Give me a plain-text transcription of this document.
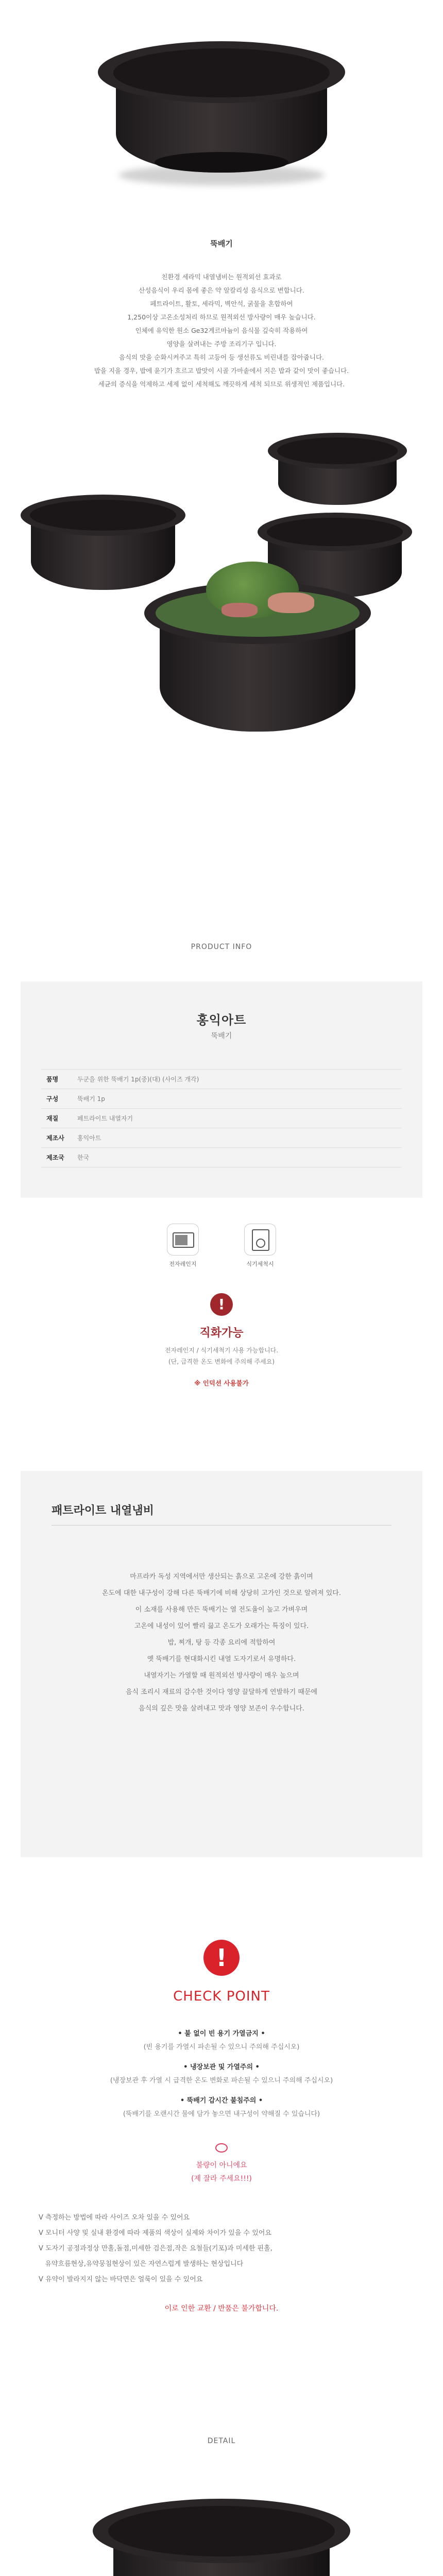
뚝배기
친환경 세라믹 내열냄비는 원적외선 효과로
산성음식이 우리 몸에 좋은 약 알칼리성 음식으로 변합니다.
페트라이트, 활토, 세라믹, 벽안석, 굵물을 혼합하여
1,250이상 고온소성처리 하므로 원적외선 방사량이 매우 높습니다.
인체에 유익한 원소 Ge32게르마늄이 음식물 깊숙히 작용하여
영양을 살려내는 주방 조리기구 입니다.
음식의 맛을 순화시켜주고 특히 고등어 등 생선류도 비린내를 잡아줍니다.
밥을 지을 경우, 밥에 윤기가 흐르고 밥맛이 시골 가마솥에서 지은 밥과 같이 맛이 좋습니다.
세균의 증식을 억제하고 세제 없이 세척해도 깨끗하게 세척 되므로 위생적인 제품입니다.
PRODUCT INFO
홍익아트
뚝배기
품명	두군을 위한 뚝배기 1p(중)(대) (사이즈 개각)
구성	뚝배기 1p
재질	페트라이트 내열자기
제조사	홍익아트
제조국	한국
전자레인지	식기세척시
!
직화가능
전자레인지 / 식기세척기 사용 가능합니다.
(단, 급격한 온도 변화에 주의해 주세요)
※ 인덕션 사용불가
패트라이트 내열냄비
마프라카 독성 지역에서만 생산되는 흙으로 고온에 강한 흙이며
온도에 대한 내구성이 강해 다른 뚝배기에 비해 상당히 고가인 것으로 알려져 있다.
이 소재를 사용해 만든 뚝배기는 열 전도율이 높고 가벼우며
고온에 내성이 있어 빨리 끓고 온도가 오래가는 특징이 있다.
밥, 찌개, 탕 등 각종 요리에 적합하여
옛 뚝배기를 현대화시킨 내열 도자기로서 유명하다.
내열자기는 가열할 때 원적외선 방사량이 매우 높으며
음식 조리시 재료의 감수한 것이다 영양 끌달하게 연발하기 때문에
음식의 깊은 맛을 살려내고 맛과 영양 보존이 우수합니다.
!
CHECK POINT
• 불 없이 빈 용기 가열금지 •
(빈 용기를 가열시 파손될 수 있으니 주의해 주십시오)
• 냉장보관 및 가열주의 •
(냉장보관 후 가열 시 급격한 온도 변화로 파손될 수 있으니 주의해 주십시오)
• 뚝배기 갑시간 불침주의 •
(뚝배기를 오랜시간 물에 담가 놓으면 내구성이 약해질 수 있습니다)
불량이 아니에요
(제 잘라 주세요!!!)
V 측정하는 방법에 따라 사이즈 오차 있을 수 있어요
V 모니터 사양 및 실내 환경에 따라 제품의 색상이 실제와 차이가 있을 수 있어요
V 도자기 공정과정상 만홀,돌점,미세한 검은점,작은 요철들(기포)과 미세한 핀홀,
유약흐름현상,유약뭉침현상이 있은 자연스럽게 발생하는 현상입니다
V 유약이 발라지지 않는 바닥면은 얼룩이 있을 수 있어요
이로 인한 교환 / 반품은 불가합니다.
DETAIL
